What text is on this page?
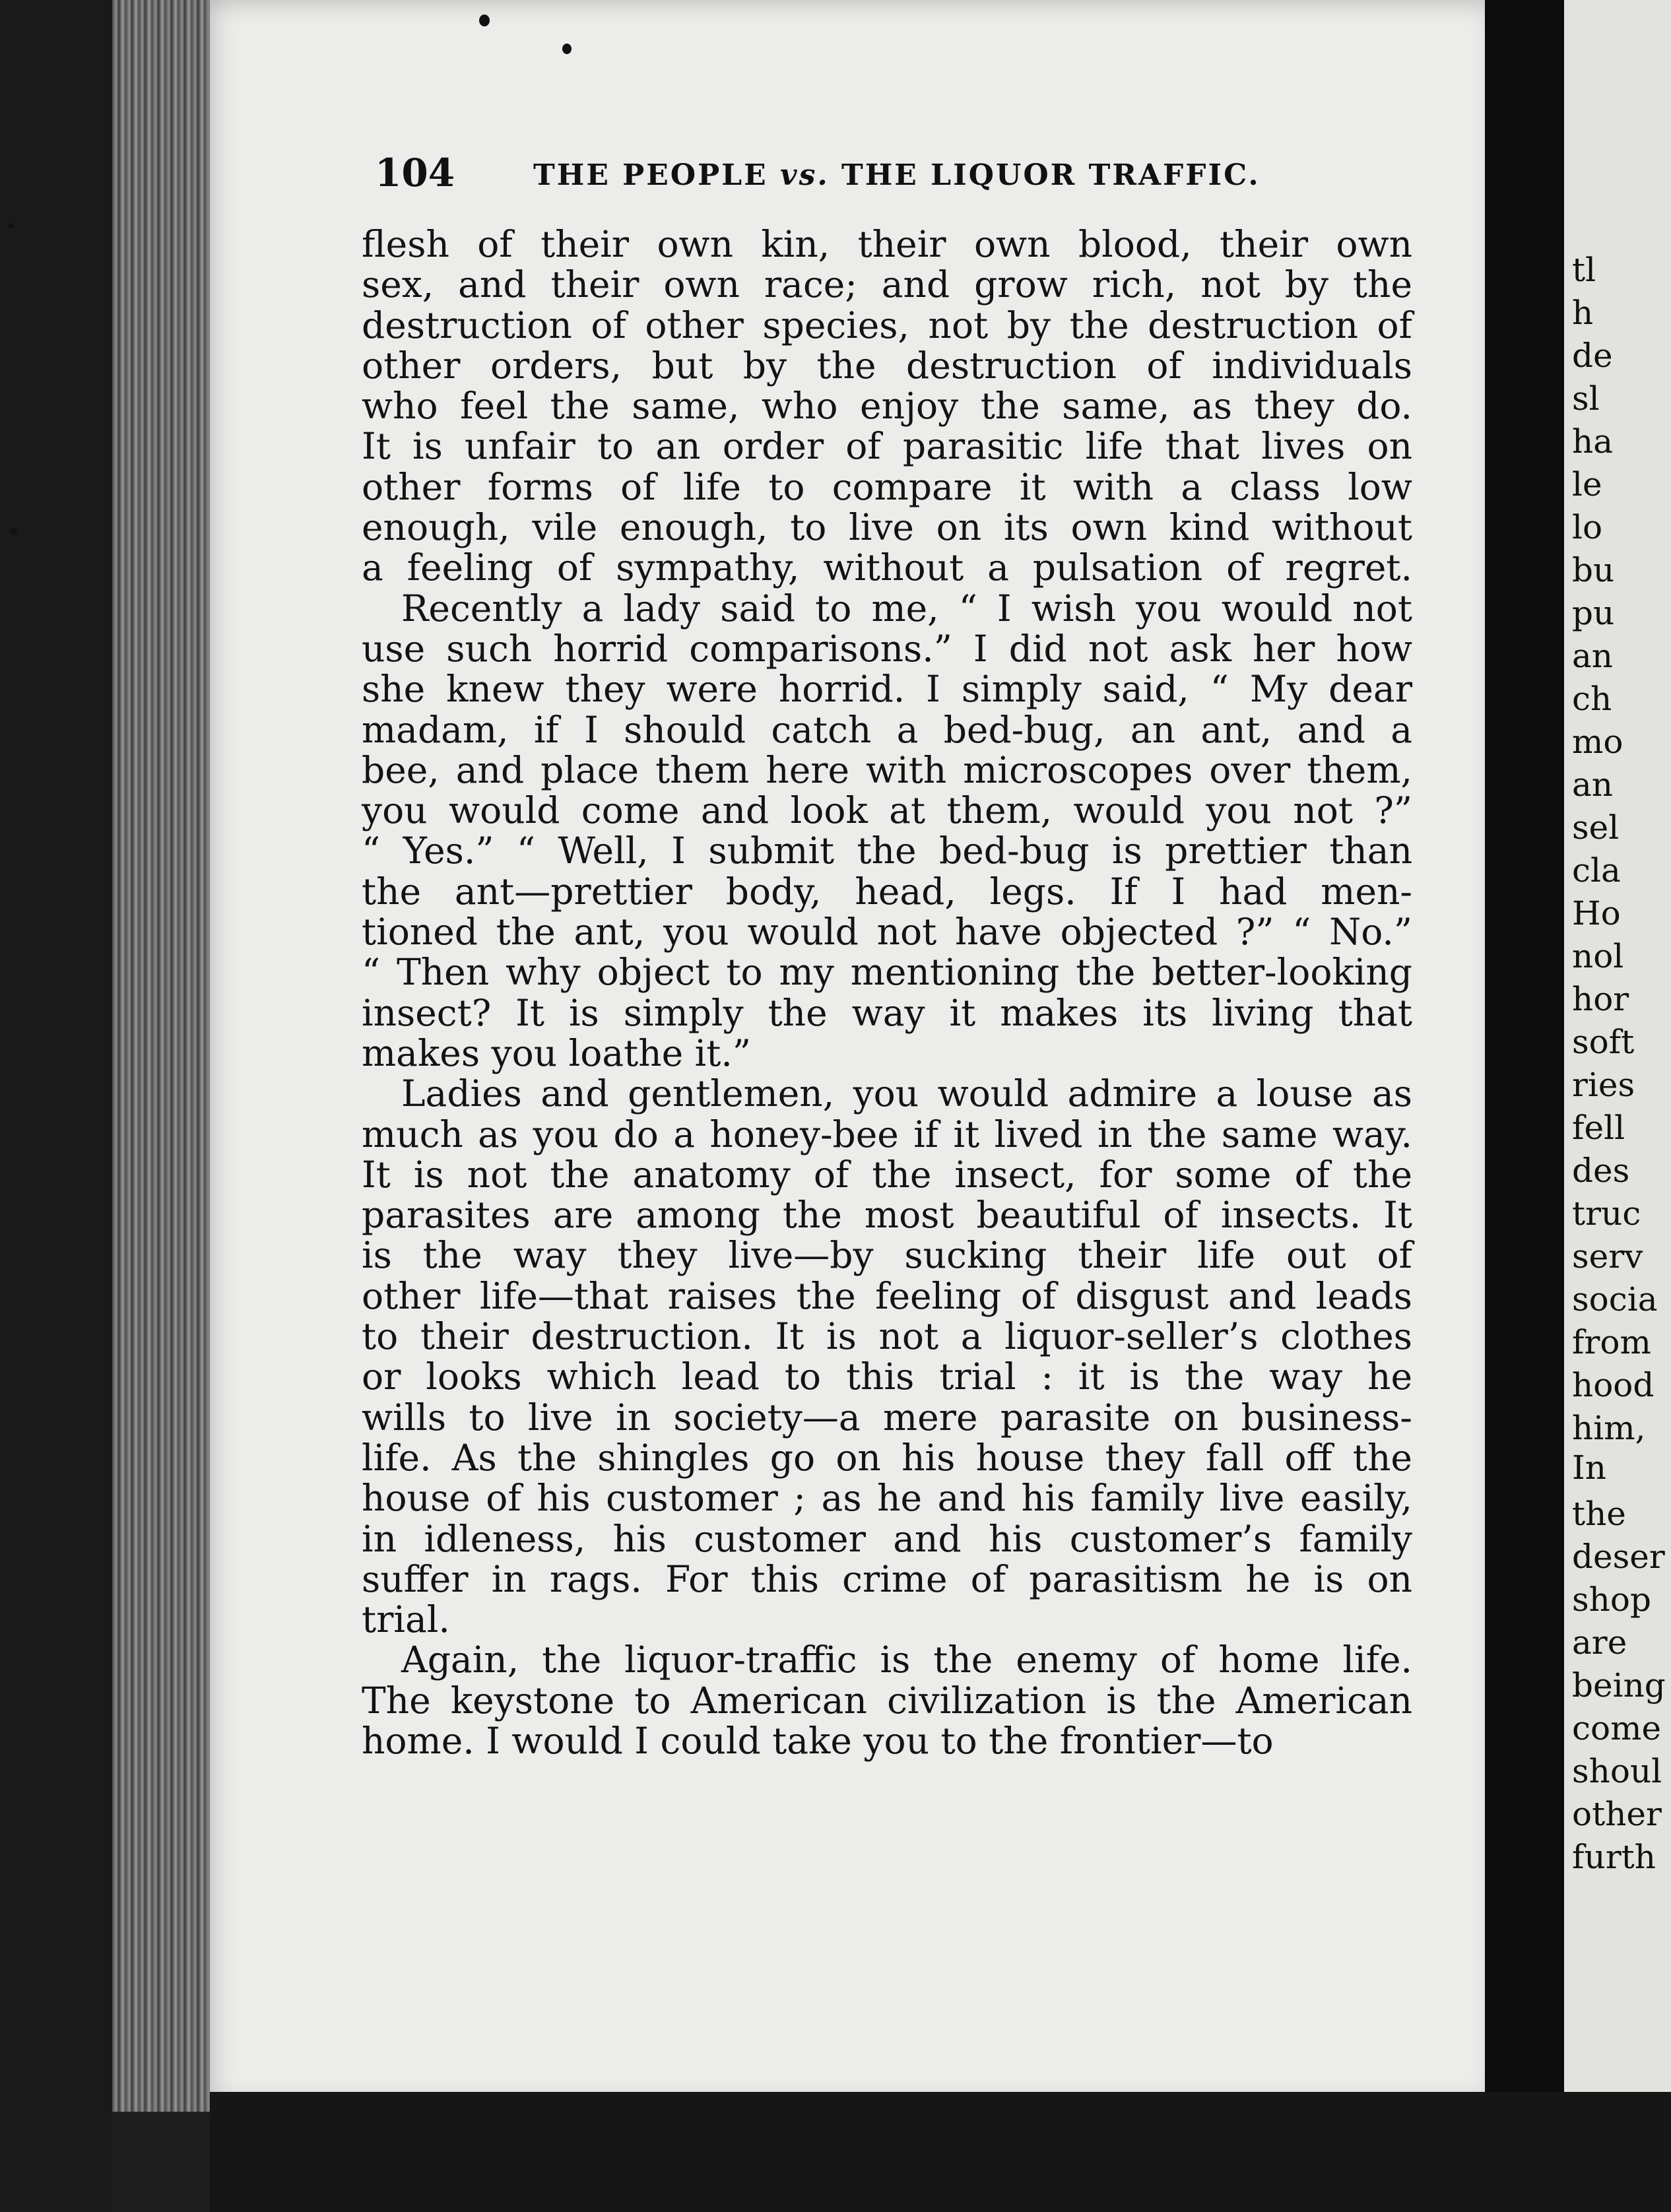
104	THE PEOPLE vs. THE LIQUOR TRAFFIC.
flesh of their own kin, their own blood, their own
sex, and their own race; and grow rich, not by the
destruction of other species, not by the destruction of
other orders, but by the destruction of individuals
who feel the same, who enjoy the same, as they do.
It is unfair to an order of parasitic life that lives on
other forms of life to compare it with a class low
enough, vile enough, to live on its own kind without
a feeling of sympathy, without a pulsation of regret.
Recently a lady said to me, “ I wish you would not
use such horrid comparisons.” I did not ask her how
she knew they were horrid. I simply said, “ My dear
madam, if I should catch a bed-bug, an ant, and a
bee, and place them here with microscopes over them,
you would come and look at them, would you not ?”
“ Yes.” “ Well, I submit the bed-bug is prettier than
the ant—prettier body, head, legs. If I had men-
tioned the ant, you would not have objected ?” “ No.”
“ Then why object to my mentioning the better-looking
insect? It is simply the way it makes its living that
makes you loathe it.”
Ladies and gentlemen, you would admire a louse as
much as you do a honey-bee if it lived in the same way.
It is not the anatomy of the insect, for some of the
parasites are among the most beautiful of insects. It
is the way they live—by sucking their life out of
other life—that raises the feeling of disgust and leads
to their destruction. It is not a liquor-seller’s clothes
or looks which lead to this trial : it is the way he
wills to live in society—a mere parasite on business-
life. As the shingles go on his house they fall off the
house of his customer ; as he and his family live easily,
in idleness, his customer and his customer’s family
suffer in rags. For this crime of parasitism he is on
trial.
Again, the liquor-traffic is the enemy of home life.
The keystone to American civilization is the American
home. I would I could take you to the frontier—to
tl
h
de
sl
ha
le
lo
bu
pu
an
ch
mo
an
sel
cla
Ho
nol
hor
soft
ries
fell
des
truc
serv
socia
from
hood
him,
In
the
deser
shop
are
being
come
shoul
other
furth
